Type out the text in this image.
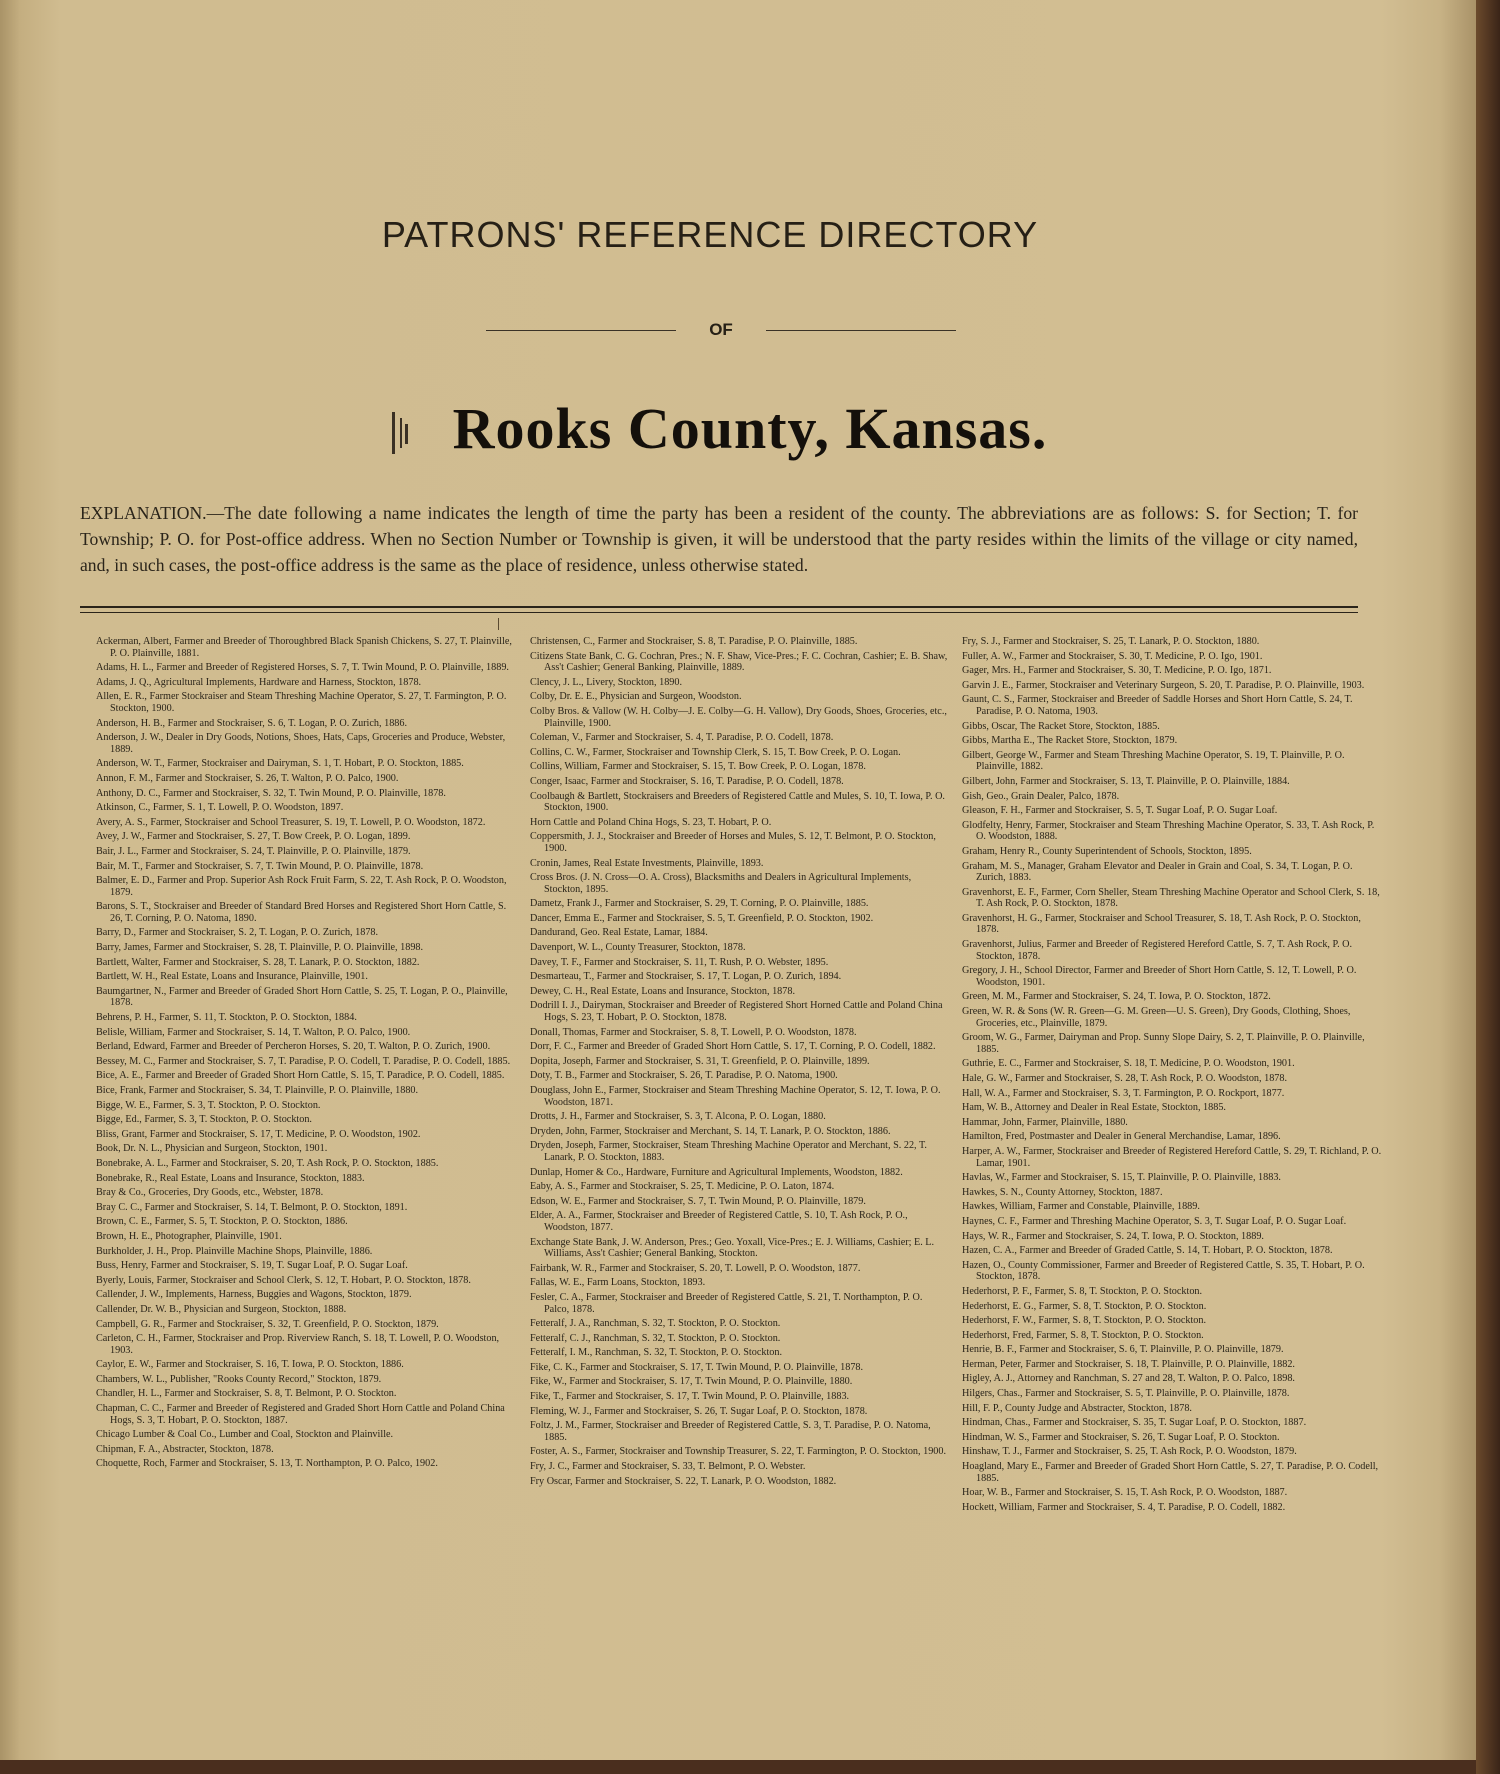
PATRONS' REFERENCE DIRECTORY
OF
Rooks County, Kansas.
EXPLANATION.—The date following a name indicates the length of time the party has been a resident of the county. The abbreviations are as follows: S. for Section; T. for Township; P. O. for Post-office address. When no Section Number or Township is given, it will be understood that the party resides within the limits of the village or city named, and, in such cases, the post-office address is the same as the place of residence, unless otherwise stated.
Ackerman, Albert, Farmer and Breeder of Thoroughbred Black Spanish Chickens, S. 27, T. Plainville, P. O. Plainville, 1881.
Adams, H. L., Farmer and Breeder of Registered Horses, S. 7, T. Twin Mound, P. O. Plainville, 1889.
Adams, J. Q., Agricultural Implements, Hardware and Harness, Stockton, 1878.
Allen, E. R., Farmer Stockraiser and Steam Threshing Machine Operator, S. 27, T. Farmington, P. O. Stockton, 1900.
Anderson, H. B., Farmer and Stockraiser, S. 6, T. Logan, P. O. Zurich, 1886.
Anderson, J. W., Dealer in Dry Goods, Notions, Shoes, Hats, Caps, Groceries and Produce, Webster, 1889.
Anderson, W. T., Farmer, Stockraiser and Dairyman, S. 1, T. Hobart, P. O. Stockton, 1885.
Annon, F. M., Farmer and Stockraiser, S. 26, T. Walton, P. O. Palco, 1900.
Anthony, D. C., Farmer and Stockraiser, S. 32, T. Twin Mound, P. O. Plainville, 1878.
Atkinson, C., Farmer, S. 1, T. Lowell, P. O. Woodston, 1897.
Avery, A. S., Farmer, Stockraiser and School Treasurer, S. 19, T. Lowell, P. O. Woodston, 1872.
Avey, J. W., Farmer and Stockraiser, S. 27, T. Bow Creek, P. O. Logan, 1899.
Bair, J. L., Farmer and Stockraiser, S. 24, T. Plainville, P. O. Plainville, 1879.
Bair, M. T., Farmer and Stockraiser, S. 7, T. Twin Mound, P. O. Plainville, 1878.
Balmer, E. D., Farmer and Prop. Superior Ash Rock Fruit Farm, S. 22, T. Ash Rock, P. O. Woodston, 1879.
Barons, S. T., Stockraiser and Breeder of Standard Bred Horses and Registered Short Horn Cattle, S. 26, T. Corning, P. O. Natoma, 1890.
Barry, D., Farmer and Stockraiser, S. 2, T. Logan, P. O. Zurich, 1878.
Barry, James, Farmer and Stockraiser, S. 28, T. Plainville, P. O. Plainville, 1898.
Bartlett, Walter, Farmer and Stockraiser, S. 28, T. Lanark, P. O. Stockton, 1882.
Bartlett, W. H., Real Estate, Loans and Insurance, Plainville, 1901.
Baumgartner, N., Farmer and Breeder of Graded Short Horn Cattle, S. 25, T. Logan, P. O., Plainville, 1878.
Behrens, P. H., Farmer, S. 11, T. Stockton, P. O. Stockton, 1884.
Belisle, William, Farmer and Stockraiser, S. 14, T. Walton, P. O. Palco, 1900.
Berland, Edward, Farmer and Breeder of Percheron Horses, S. 20, T. Walton, P. O. Zurich, 1900.
Bessey, M. C., Farmer and Stockraiser, S. 7, T. Paradise, P. O. Codell, T. Paradise, P. O. Codell, 1885.
Bice, A. E., Farmer and Breeder of Graded Short Horn Cattle, S. 15, T. Paradice, P. O. Codell, 1885.
Bice, Frank, Farmer and Stockraiser, S. 34, T. Plainville, P. O. Plainville, 1880.
Bigge, W. E., Farmer, S. 3, T. Stockton, P. O. Stockton.
Bigge, Ed., Farmer, S. 3, T. Stockton, P. O. Stockton.
Bliss, Grant, Farmer and Stockraiser, S. 17, T. Medicine, P. O. Woodston, 1902.
Book, Dr. N. L., Physician and Surgeon, Stockton, 1901.
Bonebrake, A. L., Farmer and Stockraiser, S. 20, T. Ash Rock, P. O. Stockton, 1885.
Bonebrake, R., Real Estate, Loans and Insurance, Stockton, 1883.
Bray & Co., Groceries, Dry Goods, etc., Webster, 1878.
Bray C. C., Farmer and Stockraiser, S. 14, T. Belmont, P. O. Stockton, 1891.
Brown, C. E., Farmer, S. 5, T. Stockton, P. O. Stockton, 1886.
Brown, H. E., Photographer, Plainville, 1901.
Burkholder, J. H., Prop. Plainville Machine Shops, Plainville, 1886.
Buss, Henry, Farmer and Stockraiser, S. 19, T. Sugar Loaf, P. O. Sugar Loaf.
Byerly, Louis, Farmer, Stockraiser and School Clerk, S. 12, T. Hobart, P. O. Stockton, 1878.
Callender, J. W., Implements, Harness, Buggies and Wagons, Stockton, 1879.
Callender, Dr. W. B., Physician and Surgeon, Stockton, 1888.
Campbell, G. R., Farmer and Stockraiser, S. 32, T. Greenfield, P. O. Stockton, 1879.
Carleton, C. H., Farmer, Stockraiser and Prop. Riverview Ranch, S. 18, T. Lowell, P. O. Woodston, 1903.
Caylor, E. W., Farmer and Stockraiser, S. 16, T. Iowa, P. O. Stockton, 1886.
Chambers, W. L., Publisher, "Rooks County Record," Stockton, 1879.
Chandler, H. L., Farmer and Stockraiser, S. 8, T. Belmont, P. O. Stockton.
Chapman, C. C., Farmer and Breeder of Registered and Graded Short Horn Cattle and Poland China Hogs, S. 3, T. Hobart, P. O. Stockton, 1887.
Chicago Lumber & Coal Co., Lumber and Coal, Stockton and Plainville.
Chipman, F. A., Abstracter, Stockton, 1878.
Choquette, Roch, Farmer and Stockraiser, S. 13, T. Northampton, P. O. Palco, 1902.
Christensen, C., Farmer and Stockraiser, S. 8, T. Paradise, P. O. Plainville, 1885.
Citizens State Bank, C. G. Cochran, Pres.; N. F. Shaw, Vice-Pres.; F. C. Cochran, Cashier; E. B. Shaw, Ass't Cashier; General Banking, Plainville, 1889.
Clency, J. L., Livery, Stockton, 1890.
Colby, Dr. E. E., Physician and Surgeon, Woodston.
Colby Bros. & Vallow (W. H. Colby—J. E. Colby—G. H. Vallow), Dry Goods, Shoes, Groceries, etc., Plainville, 1900.
Coleman, V., Farmer and Stockraiser, S. 4, T. Paradise, P. O. Codell, 1878.
Collins, C. W., Farmer, Stockraiser and Township Clerk, S. 15, T. Bow Creek, P. O. Logan.
Collins, William, Farmer and Stockraiser, S. 15, T. Bow Creek, P. O. Logan, 1878.
Conger, Isaac, Farmer and Stockraiser, S. 16, T. Paradise, P. O. Codell, 1878.
Coolbaugh & Bartlett, Stockraisers and Breeders of Registered Cattle and Mules, S. 10, T. Iowa, P. O. Stockton, 1900.
Horn Cattle and Poland China Hogs, S. 23, T. Hobart, P. O.
Coppersmith, J. J., Stockraiser and Breeder of Horses and Mules, S. 12, T. Belmont, P. O. Stockton, 1900.
Cronin, James, Real Estate Investments, Plainville, 1893.
Cross Bros. (J. N. Cross—O. A. Cross), Blacksmiths and Dealers in Agricultural Implements, Stockton, 1895.
Dametz, Frank J., Farmer and Stockraiser, S. 29, T. Corning, P. O. Plainville, 1885.
Dancer, Emma E., Farmer and Stockraiser, S. 5, T. Greenfield, P. O. Stockton, 1902.
Dandurand, Geo. Real Estate, Lamar, 1884.
Davenport, W. L., County Treasurer, Stockton, 1878.
Davey, T. F., Farmer and Stockraiser, S. 11, T. Rush, P. O. Webster, 1895.
Desmarteau, T., Farmer and Stockraiser, S. 17, T. Logan, P. O. Zurich, 1894.
Dewey, C. H., Real Estate, Loans and Insurance, Stockton, 1878.
Dodrill I. J., Dairyman, Stockraiser and Breeder of Registered Short Horned Cattle and Poland China Hogs, S. 23, T. Hobart, P. O. Stockton, 1878.
Donall, Thomas, Farmer and Stockraiser, S. 8, T. Lowell, P. O. Woodston, 1878.
Dorr, F. C., Farmer and Breeder of Graded Short Horn Cattle, S. 17, T. Corning, P. O. Codell, 1882.
Dopita, Joseph, Farmer and Stockraiser, S. 31, T. Greenfield, P. O. Plainville, 1899.
Doty, T. B., Farmer and Stockraiser, S. 26, T. Paradise, P. O. Natoma, 1900.
Douglass, John E., Farmer, Stockraiser and Steam Threshing Machine Operator, S. 12, T. Iowa, P. O. Woodston, 1871.
Drotts, J. H., Farmer and Stockraiser, S. 3, T. Alcona, P. O. Logan, 1880.
Dryden, John, Farmer, Stockraiser and Merchant, S. 14, T. Lanark, P. O. Stockton, 1886.
Dryden, Joseph, Farmer, Stockraiser, Steam Threshing Machine Operator and Merchant, S. 22, T. Lanark, P. O. Stockton, 1883.
Dunlap, Homer & Co., Hardware, Furniture and Agricultural Implements, Woodston, 1882.
Eaby, A. S., Farmer and Stockraiser, S. 25, T. Medicine, P. O. Laton, 1874.
Edson, W. E., Farmer and Stockraiser, S. 7, T. Twin Mound, P. O. Plainville, 1879.
Elder, A. A., Farmer, Stockraiser and Breeder of Registered Cattle, S. 10, T. Ash Rock, P. O., Woodston, 1877.
Exchange State Bank, J. W. Anderson, Pres.; Geo. Yoxall, Vice-Pres.; E. J. Williams, Cashier; E. L. Williams, Ass't Cashier; General Banking, Stockton.
Fairbank, W. R., Farmer and Stockraiser, S. 20, T. Lowell, P. O. Woodston, 1877.
Fallas, W. E., Farm Loans, Stockton, 1893.
Fesler, C. A., Farmer, Stockraiser and Breeder of Registered Cattle, S. 21, T. Northampton, P. O. Palco, 1878.
Fetteralf, J. A., Ranchman, S. 32, T. Stockton, P. O. Stockton.
Fetteralf, C. J., Ranchman, S. 32, T. Stockton, P. O. Stockton.
Fetteralf, I. M., Ranchman, S. 32, T. Stockton, P. O. Stockton.
Fike, C. K., Farmer and Stockraiser, S. 17, T. Twin Mound, P. O. Plainville, 1878.
Fike, W., Farmer and Stockraiser, S. 17, T. Twin Mound, P. O. Plainville, 1880.
Fike, T., Farmer and Stockraiser, S. 17, T. Twin Mound, P. O. Plainville, 1883.
Fleming, W. J., Farmer and Stockraiser, S. 26, T. Sugar Loaf, P. O. Stockton, 1878.
Foltz, J. M., Farmer, Stockraiser and Breeder of Registered Cattle, S. 3, T. Paradise, P. O. Natoma, 1885.
Foster, A. S., Farmer, Stockraiser and Township Treasurer, S. 22, T. Farmington, P. O. Stockton, 1900.
Fry, J. C., Farmer and Stockraiser, S. 33, T. Belmont, P. O. Webster.
Fry Oscar, Farmer and Stockraiser, S. 22, T. Lanark, P. O. Woodston, 1882.
Fry, S. J., Farmer and Stockraiser, S. 25, T. Lanark, P. O. Stockton, 1880.
Fuller, A. W., Farmer and Stockraiser, S. 30, T. Medicine, P. O. Igo, 1901.
Gager, Mrs. H., Farmer and Stockraiser, S. 30, T. Medicine, P. O. Igo, 1871.
Garvin J. E., Farmer, Stockraiser and Veterinary Surgeon, S. 20, T. Paradise, P. O. Plainville, 1903.
Gaunt, C. S., Farmer, Stockraiser and Breeder of Saddle Horses and Short Horn Cattle, S. 24, T. Paradise, P. O. Natoma, 1903.
Gibbs, Oscar, The Racket Store, Stockton, 1885.
Gibbs, Martha E., The Racket Store, Stockton, 1879.
Gilbert, George W., Farmer and Steam Threshing Machine Operator, S. 19, T. Plainville, P. O. Plainville, 1882.
Gilbert, John, Farmer and Stockraiser, S. 13, T. Plainville, P. O. Plainville, 1884.
Gish, Geo., Grain Dealer, Palco, 1878.
Gleason, F. H., Farmer and Stockraiser, S. 5, T. Sugar Loaf, P. O. Sugar Loaf.
Glodfelty, Henry, Farmer, Stockraiser and Steam Threshing Machine Operator, S. 33, T. Ash Rock, P. O. Woodston, 1888.
Graham, Henry R., County Superintendent of Schools, Stockton, 1895.
Graham, M. S., Manager, Graham Elevator and Dealer in Grain and Coal, S. 34, T. Logan, P. O. Zurich, 1883.
Gravenhorst, E. F., Farmer, Corn Sheller, Steam Threshing Machine Operator and School Clerk, S. 18, T. Ash Rock, P. O. Stockton, 1878.
Gravenhorst, H. G., Farmer, Stockraiser and School Treasurer, S. 18, T. Ash Rock, P. O. Stockton, 1878.
Gravenhorst, Julius, Farmer and Breeder of Registered Hereford Cattle, S. 7, T. Ash Rock, P. O. Stockton, 1878.
Gregory, J. H., School Director, Farmer and Breeder of Short Horn Cattle, S. 12, T. Lowell, P. O. Woodston, 1901.
Green, M. M., Farmer and Stockraiser, S. 24, T. Iowa, P. O. Stockton, 1872.
Green, W. R. & Sons (W. R. Green—G. M. Green—U. S. Green), Dry Goods, Clothing, Shoes, Groceries, etc., Plainville, 1879.
Groom, W. G., Farmer, Dairyman and Prop. Sunny Slope Dairy, S. 2, T. Plainville, P. O. Plainville, 1885.
Guthrie, E. C., Farmer and Stockraiser, S. 18, T. Medicine, P. O. Woodston, 1901.
Hale, G. W., Farmer and Stockraiser, S. 28, T. Ash Rock, P. O. Woodston, 1878.
Hall, W. A., Farmer and Stockraiser, S. 3, T. Farmington, P. O. Rockport, 1877.
Ham, W. B., Attorney and Dealer in Real Estate, Stockton, 1885.
Hammar, John, Farmer, Plainville, 1880.
Hamilton, Fred, Postmaster and Dealer in General Merchandise, Lamar, 1896.
Harper, A. W., Farmer, Stockraiser and Breeder of Registered Hereford Cattle, S. 29, T. Richland, P. O. Lamar, 1901.
Havlas, W., Farmer and Stockraiser, S. 15, T. Plainville, P. O. Plainville, 1883.
Hawkes, S. N., County Attorney, Stockton, 1887.
Hawkes, William, Farmer and Constable, Plainville, 1889.
Haynes, C. F., Farmer and Threshing Machine Operator, S. 3, T. Sugar Loaf, P. O. Sugar Loaf.
Hays, W. R., Farmer and Stockraiser, S. 24, T. Iowa, P. O. Stockton, 1889.
Hazen, C. A., Farmer and Breeder of Graded Cattle, S. 14, T. Hobart, P. O. Stockton, 1878.
Hazen, O., County Commissioner, Farmer and Breeder of Registered Cattle, S. 35, T. Hobart, P. O. Stockton, 1878.
Hederhorst, P. F., Farmer, S. 8, T. Stockton, P. O. Stockton.
Hederhorst, E. G., Farmer, S. 8, T. Stockton, P. O. Stockton.
Hederhorst, F. W., Farmer, S. 8, T. Stockton, P. O. Stockton.
Hederhorst, Fred, Farmer, S. 8, T. Stockton, P. O. Stockton.
Henrie, B. F., Farmer and Stockraiser, S. 6, T. Plainville, P. O. Plainville, 1879.
Herman, Peter, Farmer and Stockraiser, S. 18, T. Plainville, P. O. Plainville, 1882.
Higley, A. J., Attorney and Ranchman, S. 27 and 28, T. Walton, P. O. Palco, 1898.
Hilgers, Chas., Farmer and Stockraiser, S. 5, T. Plainville, P. O. Plainville, 1878.
Hill, F. P., County Judge and Abstracter, Stockton, 1878.
Hindman, Chas., Farmer and Stockraiser, S. 35, T. Sugar Loaf, P. O. Stockton, 1887.
Hindman, W. S., Farmer and Stockraiser, S. 26, T. Sugar Loaf, P. O. Stockton.
Hinshaw, T. J., Farmer and Stockraiser, S. 25, T. Ash Rock, P. O. Woodston, 1879.
Hoagland, Mary E., Farmer and Breeder of Graded Short Horn Cattle, S. 27, T. Paradise, P. O. Codell, 1885.
Hoar, W. B., Farmer and Stockraiser, S. 15, T. Ash Rock, P. O. Woodston, 1887.
Hockett, William, Farmer and Stockraiser, S. 4, T. Paradise, P. O. Codell, 1882.
